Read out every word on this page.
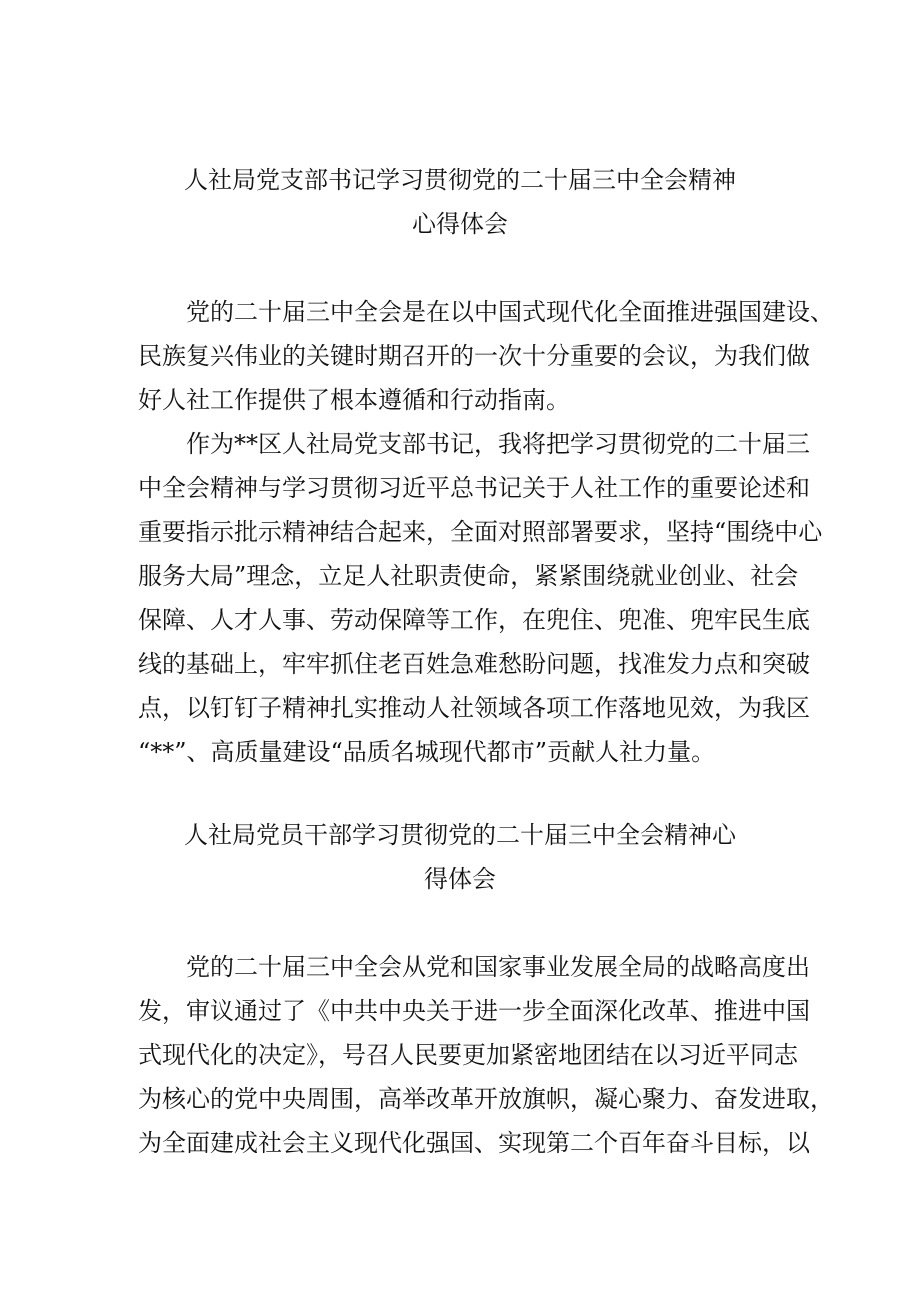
人社局党支部书记学习贯彻党的二十届三中全会精神
心得体会
党的二十届三中全会是在以中国式现代化全面推进强国建设、
民族复兴伟业的关键时期召开的一次十分重要的会议，为我们做
好人社工作提供了根本遵循和行动指南。
作为**区人社局党支部书记，我将把学习贯彻党的二十届三
中全会精神与学习贯彻习近平总书记关于人社工作的重要论述和
重要指示批示精神结合起来，全面对照部署要求，坚持“围绕中心
服务大局”理念，立足人社职责使命，紧紧围绕就业创业、社会
保障、人才人事、劳动保障等工作，在兜住、兜准、兜牢民生底
线的基础上，牢牢抓住老百姓急难愁盼问题，找准发力点和突破
点，以钉钉子精神扎实推动人社领域各项工作落地见效，为我区
“**”、高质量建设“品质名城现代都市”贡献人社力量。
人社局党员干部学习贯彻党的二十届三中全会精神心
得体会
党的二十届三中全会从党和国家事业发展全局的战略高度出
发，审议通过了《中共中央关于进一步全面深化改革、推进中国
式现代化的决定》，号召人民要更加紧密地团结在以习近平同志
为核心的党中央周围，高举改革开放旗帜，凝心聚力、奋发进取，
为全面建成社会主义现代化强国、实现第二个百年奋斗目标，以
